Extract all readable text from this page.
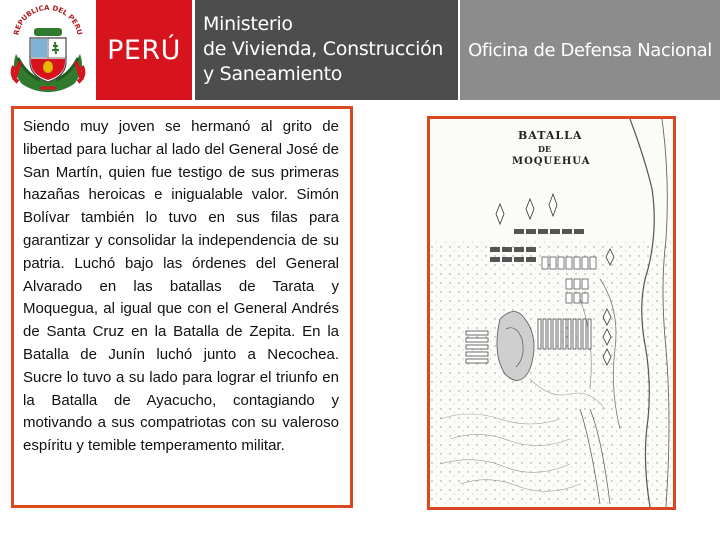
REPUBLICA DEL PERU
PERÚ
Ministerio
de Vivienda, Construcción
y Saneamiento
Oficina de Defensa Nacional

Siendo muy joven se hermanó al grito de libertad para luchar al lado del General José de San Martín, quien fue testigo de sus primeras hazañas heroicas e inigualable valor. Simón Bolívar también lo tuvo en sus filas para garantizar y consolidar la independencia de su patria. Luchó bajo las órdenes del General Alvarado en las batallas de Tarata y Moquegua, al igual que con el General Andrés de Santa Cruz en la Batalla de Zepita. En la Batalla de Junín luchó junto a Necochea. Sucre lo tuvo a su lado para lograr el triunfo en la Batalla de Ayacucho, contagiando y motivando a sus compatriotas con su valeroso espíritu y temible temperamento militar.

BATALLA
DE
MOQUEHUA
